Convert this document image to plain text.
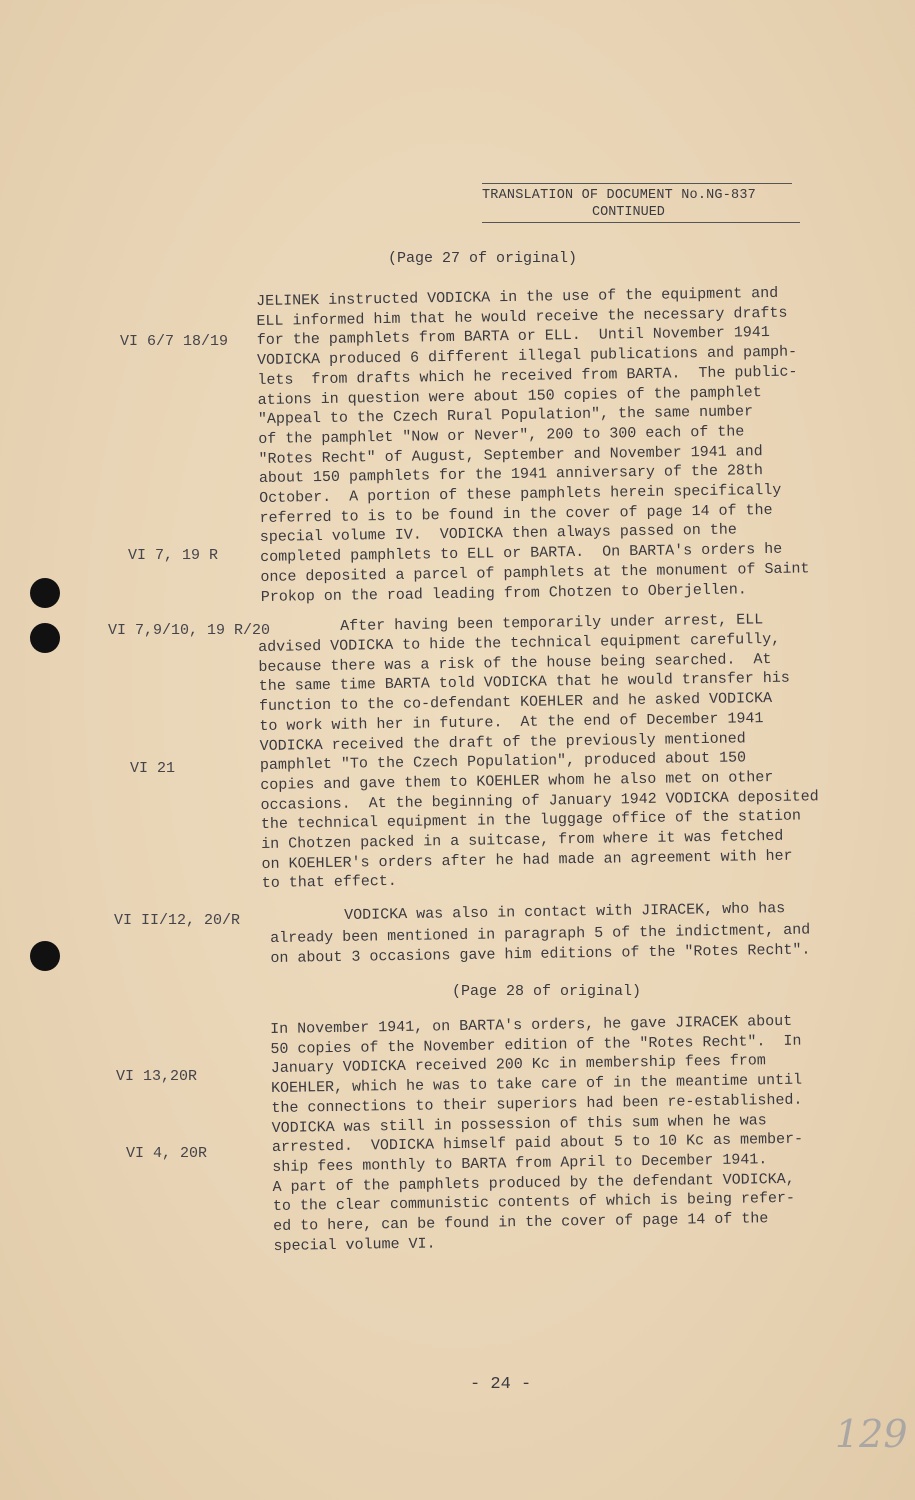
TRANSLATION OF DOCUMENT No.NG-837
CONTINUED
(Page 27 of original)
VI 6/7 18/19
VI 7, 19 R
VI 7,9/10, 19 R/20
VI 21
VI II/12, 20/R
VI 13,20R
VI 4, 20R
JELINEK instructed VODICKA in the use of the equipment and
ELL informed him that he would receive the necessary drafts
for the pamphlets from BARTA or ELL.  Until November 1941
VODICKA produced 6 different illegal publications and pamph-
lets  from drafts which he received from BARTA.  The public-
ations in question were about 150 copies of the pamphlet
"Appeal to the Czech Rural Population", the same number
of the pamphlet "Now or Never", 200 to 300 each of the
"Rotes Recht" of August, September and November 1941 and
about 150 pamphlets for the 1941 anniversary of the 28th
October.  A portion of these pamphlets herein specifically
referred to is to be found in the cover of page 14 of the
special volume IV.  VODICKA then always passed on the
completed pamphlets to ELL or BARTA.  On BARTA's orders he
once deposited a parcel of pamphlets at the monument of Saint
Prokop on the road leading from Chotzen to Oberjellen.
After having been temporarily under arrest, ELL
advised VODICKA to hide the technical equipment carefully,
because there was a risk of the house being searched.  At
the same time BARTA told VODICKA that he would transfer his
function to the co-defendant KOEHLER and he asked VODICKA
to work with her in future.  At the end of December 1941
VODICKA received the draft of the previously mentioned
pamphlet "To the Czech Population", produced about 150
copies and gave them to KOEHLER whom he also met on other
occasions.  At the beginning of January 1942 VODICKA deposited
the technical equipment in the luggage office of the station
in Chotzen packed in a suitcase, from where it was fetched
on KOEHLER's orders after he had made an agreement with her
to that effect.
VODICKA was also in contact with JIRACEK, who has
already been mentioned in paragraph 5 of the indictment, and
on about 3 occasions gave him editions of the "Rotes Recht".
(Page 28 of original)
In November 1941, on BARTA's orders, he gave JIRACEK about
50 copies of the November edition of the "Rotes Recht".  In
January VODICKA received 200 Kc in membership fees from
KOEHLER, which he was to take care of in the meantime until
the connections to their superiors had been re-established.
VODICKA was still in possession of this sum when he was
arrested.  VODICKA himself paid about 5 to 10 Kc as member-
ship fees monthly to BARTA from April to December 1941.
A part of the pamphlets produced by the defendant VODICKA,
to the clear communistic contents of which is being refer-
ed to here, can be found in the cover of page 14 of the
special volume VI.
- 24 -
129
